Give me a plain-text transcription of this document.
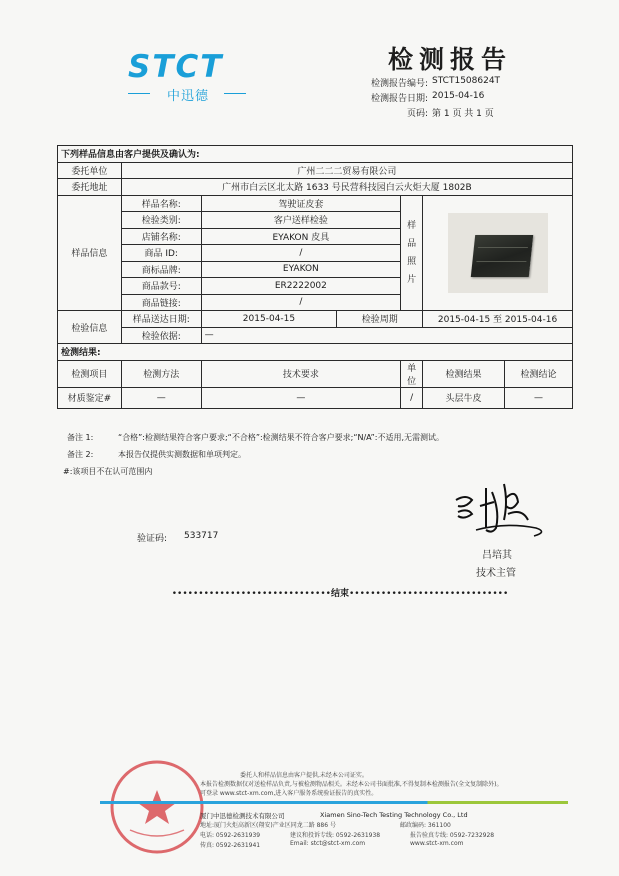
STCT
中迅德
检测报告
检测报告编号: STCT1508624T
检测报告日期: 2015-04-16
页码: 第 1 页 共 1 页
下列样品信息由客户提供及确认为:						
委托单位	广州二二二贸易有限公司					
委托地址	广州市白云区北太路 1633 号民营科技园白云火炬大厦 1802B					
样品信息	样品名称:	驾驶证皮套		样品照片		

	检验类别:	客户送样检验				
	店铺名称:	EYAKON 皮具				
	商品 ID:	/				
	商标品牌:	EYAKON				
	商品款号:	ER2222002				
	商品链接:	/				
检验信息	样品送达日期:	2015-04-15	检验周期		2015-04-15 至 2015-04-16	
	检验依据:	—				
检测结果:						
检测项目	检测方法	技术要求		单位	检测结果	检测结论
材质鉴定#	—	—		/	头层牛皮	—
备注 1:	“合格”:检测结果符合客户要求;“不合格”:检测结果不符合客户要求;“N/A”:不适用,无需测试。
备注 2:	本报告仅提供实测数据和单项判定。
#:该项目不在认可范围内
验证码: 533717
吕培其
技术主管
••••••••••••••••••••••••••••••结束••••••••••••••••••••••••••••••
委托人和样品信息由客户提供,未经本公司证实。
本报告检测数据仅对送检样品负责,与被检测物品相关。未经本公司书面批准,不得复制本检测报告(全文复制除外)。
可登录 www.stct-xm.com,进入客户服务系统验证报告的真实性。
厦门中迅德检测技术有限公司	Xiamen Sino-Tech Testing Technology Co., Ltd
地址:厦门火炬高新区(翔安)产业区同龙二路 886 号	邮政编码: 361100
电话: 0592-2631939	建议和投诉专线: 0592-2631938	报告验真专线: 0592-7232928
传真: 0592-2631941	Email: stct@stct-xm.com	www.stct-xm.com
